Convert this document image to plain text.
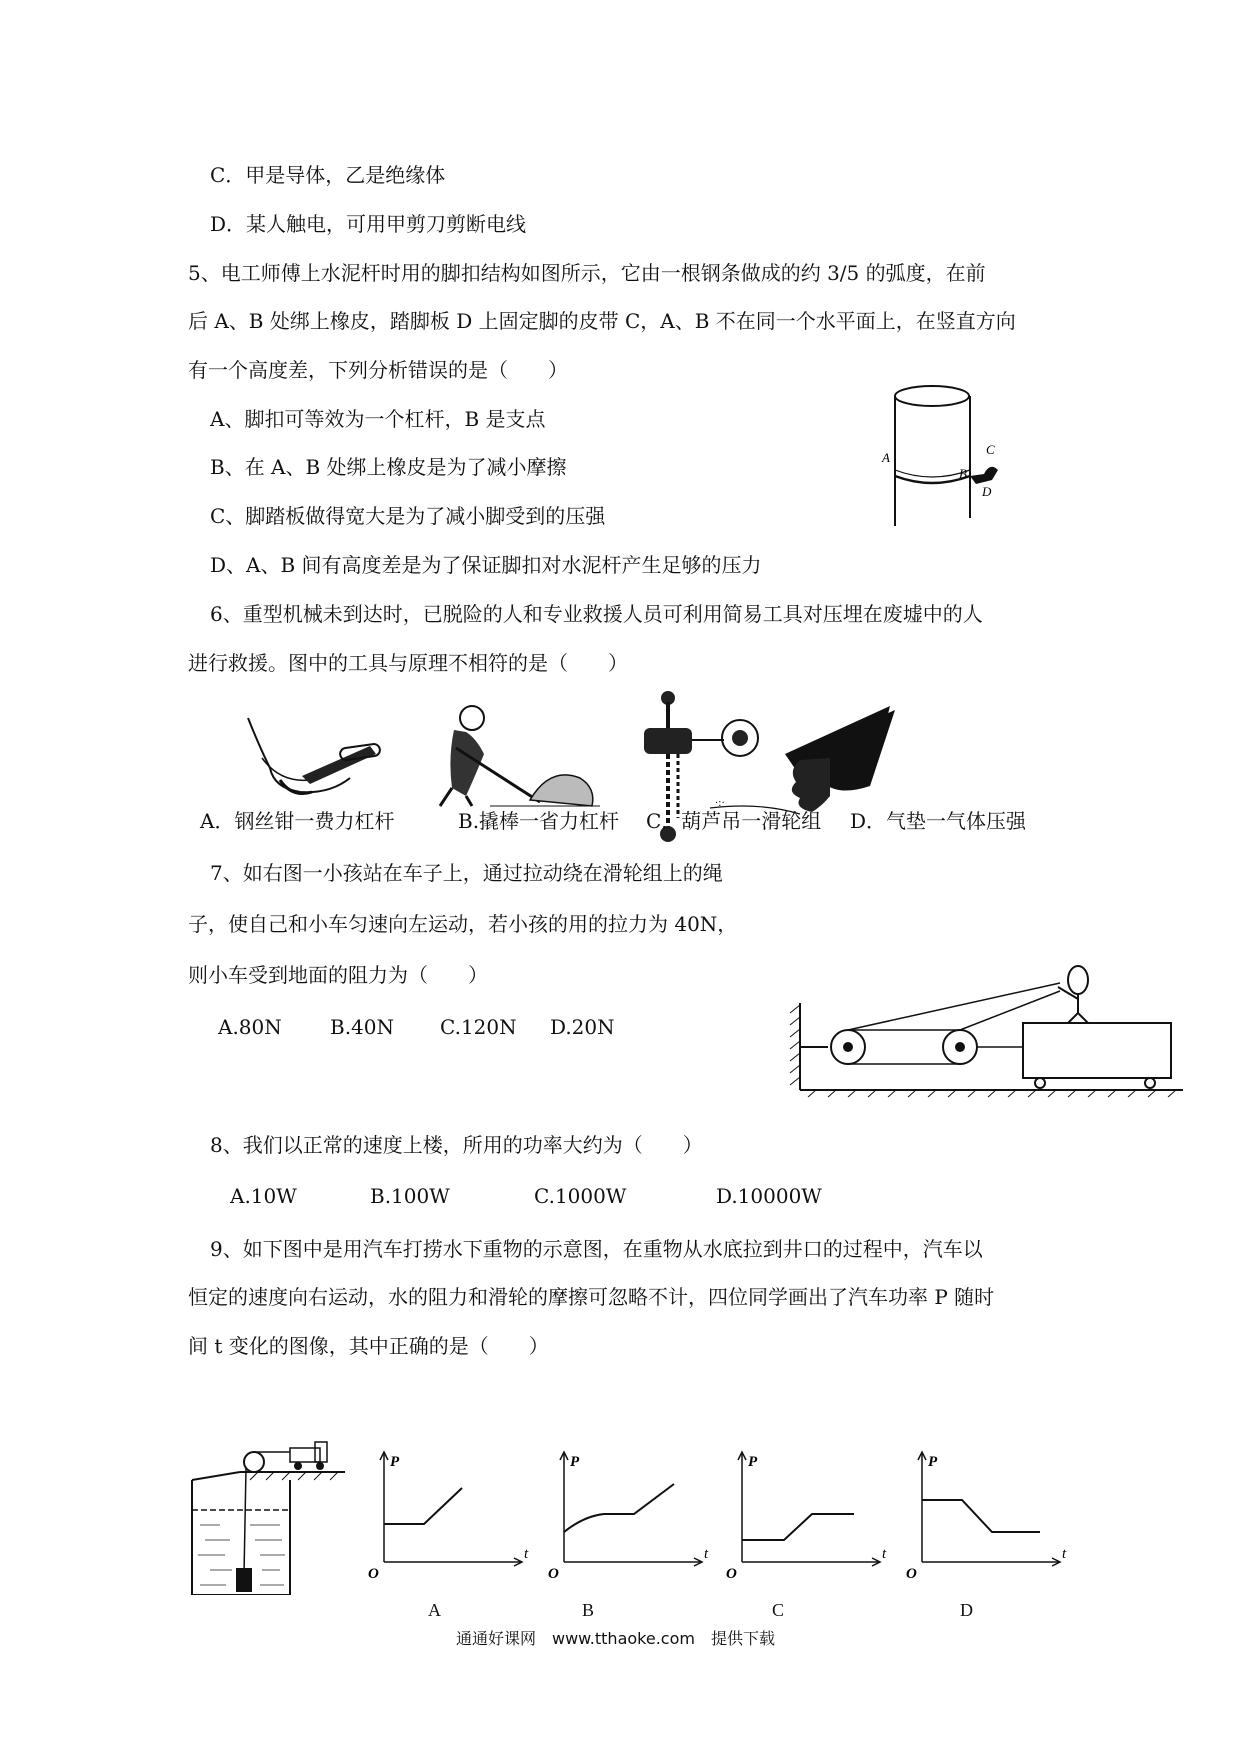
C．甲是导体，乙是绝缘体
D．某人触电，可用甲剪刀剪断电线
5、电工师傅上水泥杆时用的脚扣结构如图所示，它由一根钢条做成的约 3/5 的弧度，在前
后 A、B 处绑上橡皮，踏脚板 D 上固定脚的皮带 C，A、B 不在同一个水平面上，在竖直方向
有一个高度差，下列分析错误的是（　　）
A、脚扣可等效为一个杠杆，B 是支点
B、在 A、B 处绑上橡皮是为了减小摩擦
C、脚踏板做得宽大是为了减小脚受到的压强
D、A、B 间有高度差是为了保证脚扣对水泥杆产生足够的压力
A
B
C
D
6、重型机械未到达时，已脱险的人和专业救援人员可利用简易工具对压埋在废墟中的人
进行救援。图中的工具与原理不相符的是（　　）
·:·
A．钢丝钳一费力杠杆	B.撬棒一省力杠杆 C．葫芦吊一滑轮组 D．气垫一气体压强
7、如右图一小孩站在车子上，通过拉动绕在滑轮组上的绳
子，使自己和小车匀速向左运动，若小孩的用的拉力为 40N，
则小车受到地面的阻力为（　　）
A.80N B.40N C.120N D.20N
8、我们以正常的速度上楼，所用的功率大约为（　　）
A.10W	B.100W	C.1000W	D.10000W
9、如下图中是用汽车打捞水下重物的示意图，在重物从水底拉到井口的过程中，汽车以
恒定的速度向右运动，水的阻力和滑轮的摩擦可忽略不计，四位同学画出了汽车功率 P 随时
间 t 变化的图像，其中正确的是（　　）
P
t
O
P
t
O
P
t
O
P
t
O
A	B	C	D
通通好课网　www.tthaoke.com　提供下载
